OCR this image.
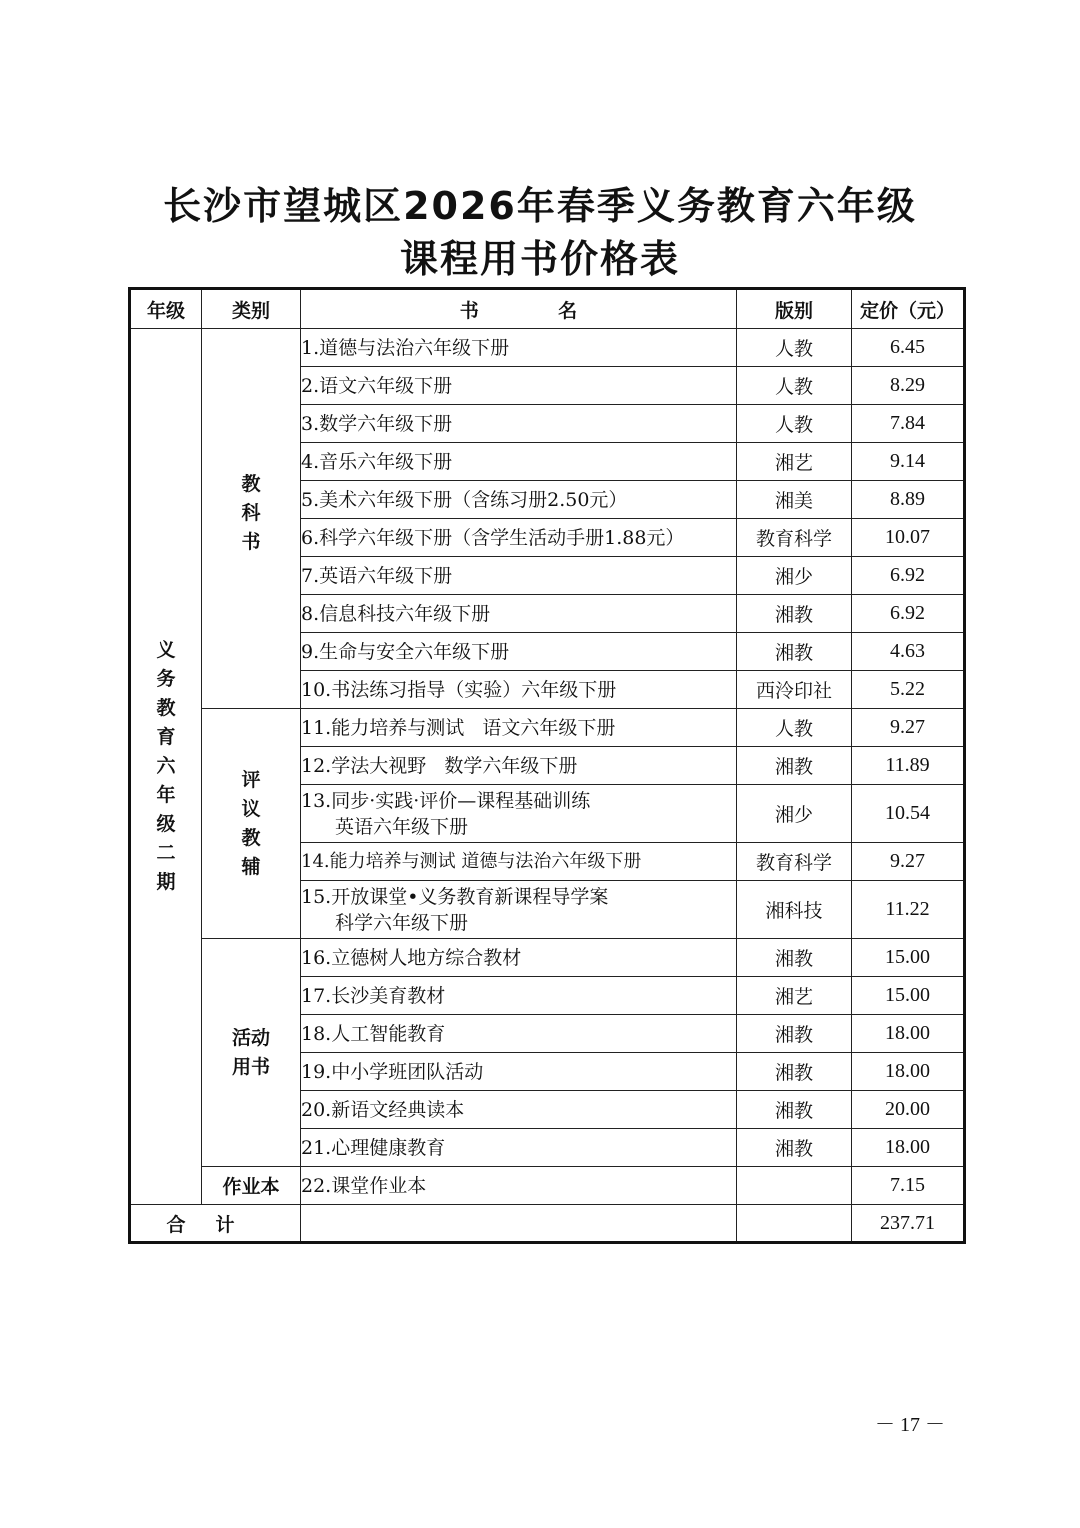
长沙市望城区2026年春季义务教育六年级
课程用书价格表
年级	类别	书            名	版别	定价（元）
义务教育六年级二期	教科书	1.道德与法治六年级下册	人教	6.45
		2.语文六年级下册	人教	8.29
		3.数学六年级下册	人教	7.84
		4.音乐六年级下册	湘艺	9.14
		5.美术六年级下册（含练习册2.50元）	湘美	8.89
		6.科学六年级下册（含学生活动手册1.88元）	教育科学	10.07
		7.英语六年级下册	湘少	6.92
		8.信息科技六年级下册	湘教	6.92
		9.生命与安全六年级下册	湘教	4.63
		10.书法练习指导（实验）六年级下册	西泠印社	5.22
	评议教辅	11.能力培养与测试   语文六年级下册	人教	9.27
		12.学法大视野   数学六年级下册	湘教	11.89
		13.同步·实践·评价—课程基础训练
英语六年级下册	湘少	10.54
		14.能力培养与测试 道德与法治六年级下册	教育科学	9.27
		15.开放课堂•义务教育新课程导学案
科学六年级下册	湘科技	11.22
	活动用书	16.立德树人地方综合教材	湘教	15.00
		17.长沙美育教材	湘艺	15.00
		18.人工智能教育	湘教	18.00
		19.中小学班团队活动	湘教	18.00
		20.新语文经典读本	湘教	20.00
		21.心理健康教育	湘教	18.00
	作业本	22.课堂作业本		7.15
合计				237.71
－ 17 －
